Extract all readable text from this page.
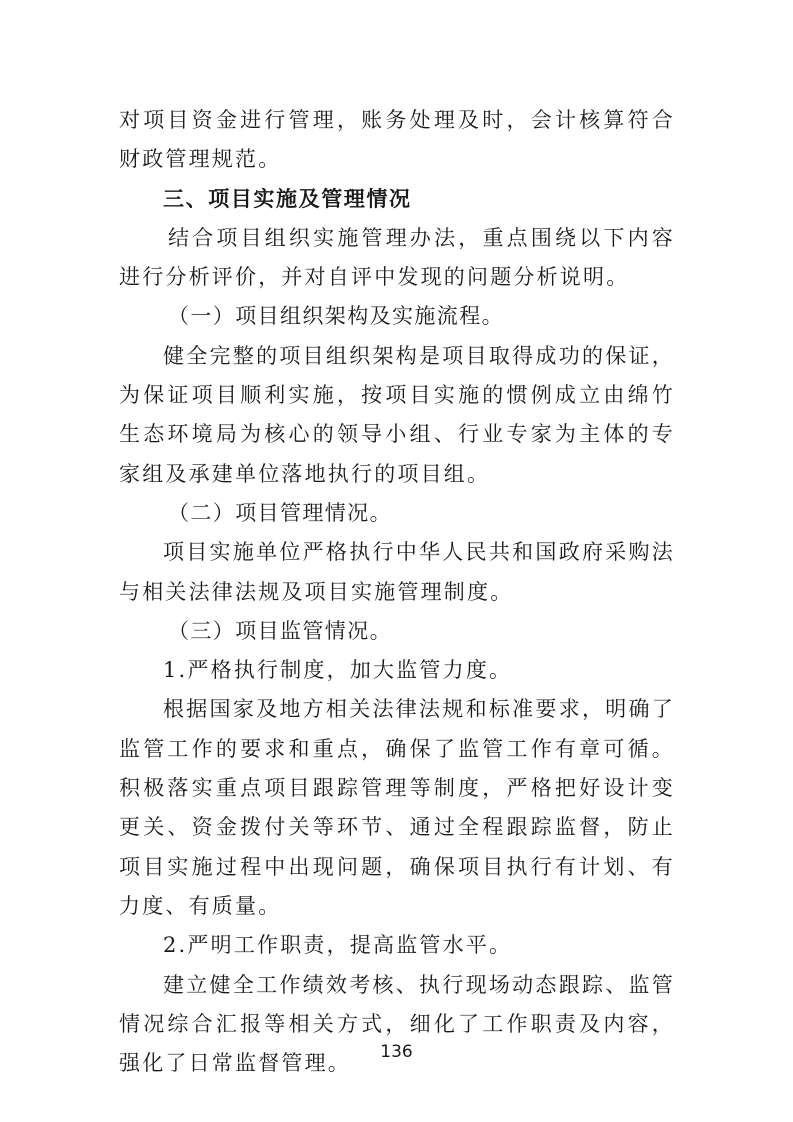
对项目资金进行管理，账务处理及时，会计核算符合财政管理规范。

三、项目实施及管理情况

结合项目组织实施管理办法，重点围绕以下内容进行分析评价，并对自评中发现的问题分析说明。

（一）项目组织架构及实施流程。

健全完整的项目组织架构是项目取得成功的保证，为保证项目顺利实施，按项目实施的惯例成立由绵竹生态环境局为核心的领导小组、行业专家为主体的专家组及承建单位落地执行的项目组。

（二）项目管理情况。

项目实施单位严格执行中华人民共和国政府采购法与相关法律法规及项目实施管理制度。

（三）项目监管情况。

1.严格执行制度，加大监管力度。

根据国家及地方相关法律法规和标准要求，明确了监管工作的要求和重点，确保了监管工作有章可循。积极落实重点项目跟踪管理等制度，严格把好设计变更关、资金拨付关等环节、通过全程跟踪监督，防止项目实施过程中出现问题，确保项目执行有计划、有力度、有质量。

2.严明工作职责，提高监管水平。

建立健全工作绩效考核、执行现场动态跟踪、监管情况综合汇报等相关方式，细化了工作职责及内容，强化了日常监督管理。	136
